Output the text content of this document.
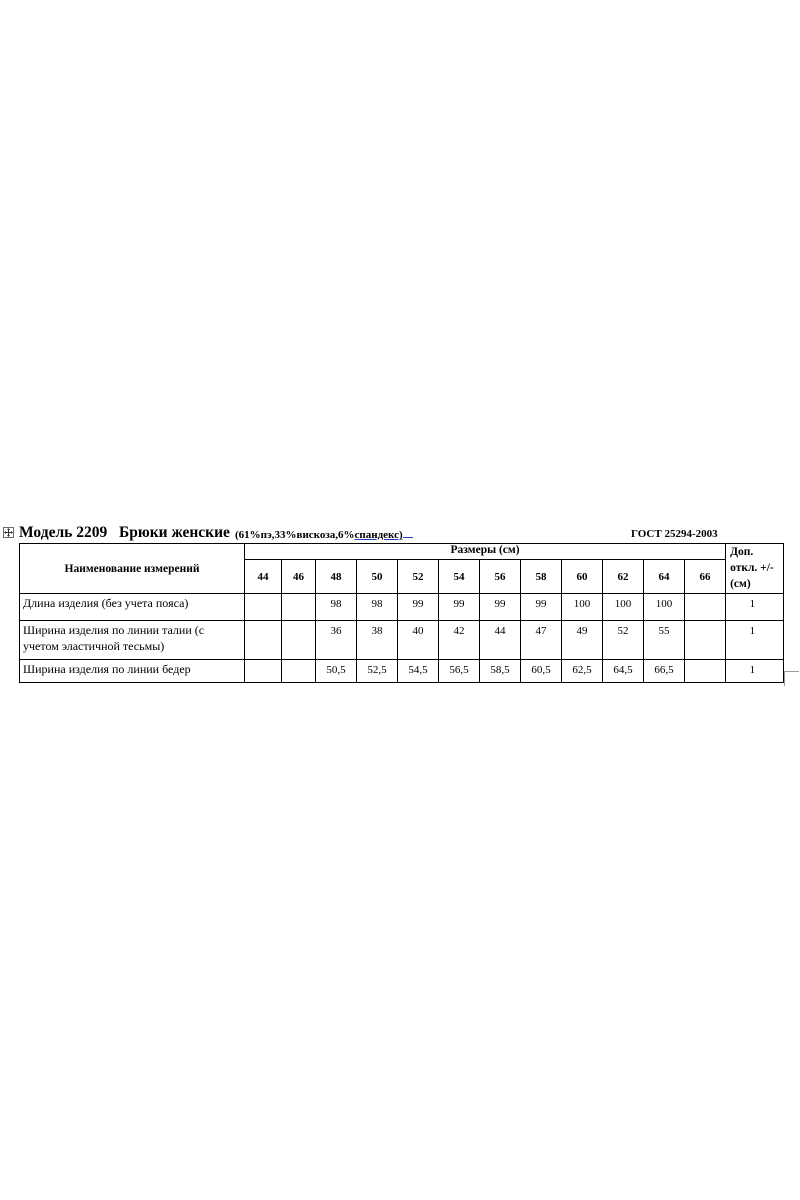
Модель 2209 Брюки женские (61%пэ,33%вискоза,6%спандекс)	ГОСТ 25294-2003
Наименование измерений	Размеры (см)												Доп.
откл. +/-
(см)
	44	46	48	50	52	54	56	58	60	62	64	66	
Длина изделия (без учета пояса)			98	98	99	99	99	99	100	100	100		1
Ширина изделия по линии талии (с учетом эластичной тесьмы)			36	38	40	42	44	47	49	52	55		1
Ширина изделия по линии бедер			50,5	52,5	54,5	56,5	58,5	60,5	62,5	64,5	66,5		1
